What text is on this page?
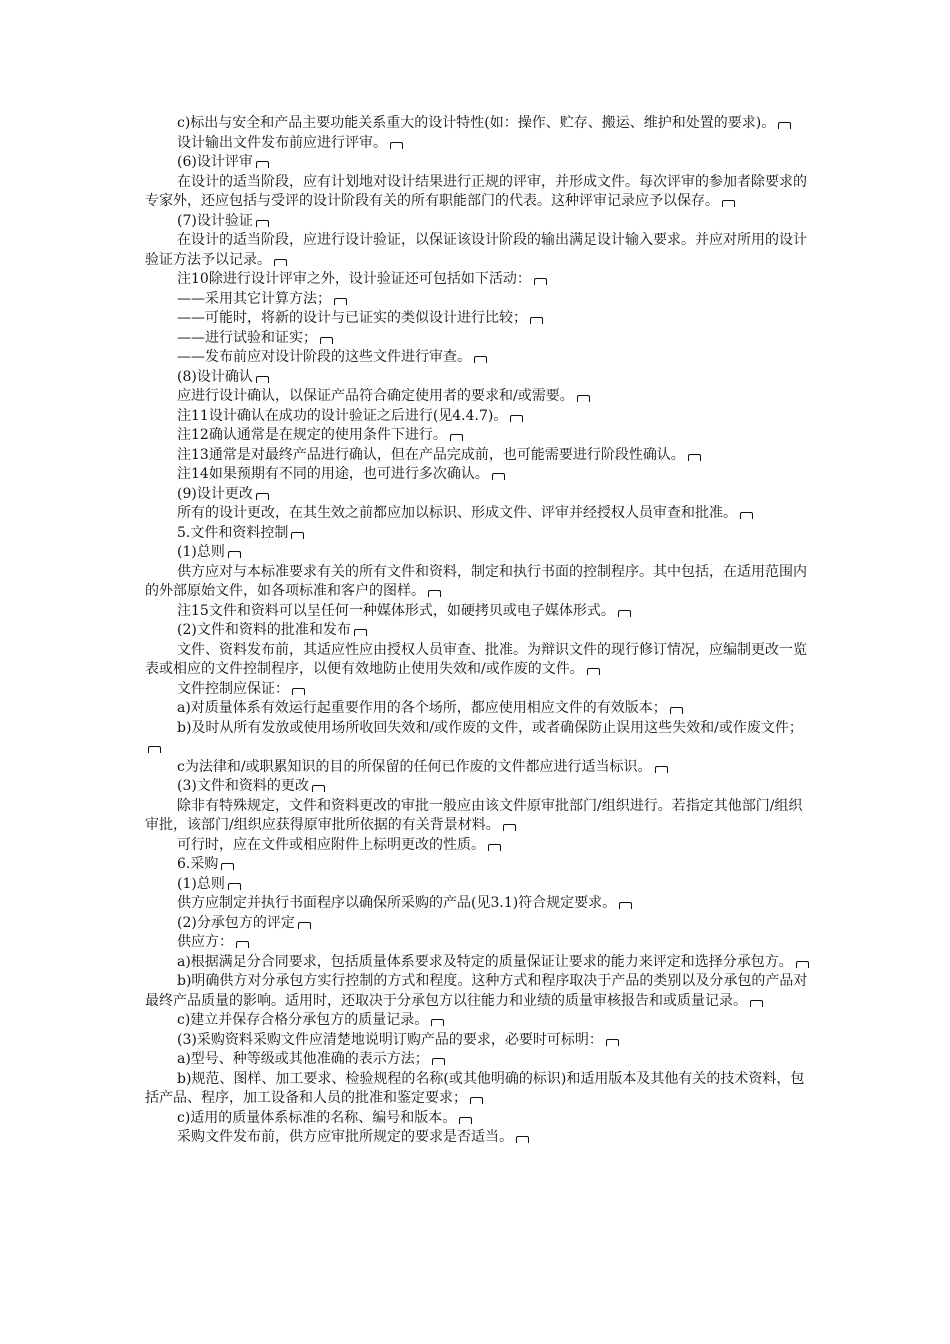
c)标出与安全和产品主要功能关系重大的设计特性(如：操作、贮存、搬运、维护和处置的要求)。

设计输出文件发布前应进行评审。

(6)设计评审

在设计的适当阶段，应有计划地对设计结果进行正规的评审，并形成文件。每次评审的参加者除要求的专家外，还应包括与受评的设计阶段有关的所有职能部门的代表。这种评审记录应予以保存。

(7)设计验证

在设计的适当阶段，应进行设计验证，以保证该设计阶段的输出满足设计输入要求。并应对所用的设计验证方法予以记录。

注10除进行设计评审之外，设计验证还可包括如下活动：

——采用其它计算方法；

——可能时，将新的设计与已证实的类似设计进行比较；

——进行试验和证实；

——发布前应对设计阶段的这些文件进行审查。

(8)设计确认

应进行设计确认，以保证产品符合确定使用者的要求和/或需要。

注11设计确认在成功的设计验证之后进行(见4.4.7)。

注12确认通常是在规定的使用条件下进行。

注13通常是对最终产品进行确认，但在产品完成前，也可能需要进行阶段性确认。

注14如果预期有不同的用途，也可进行多次确认。

(9)设计更改

所有的设计更改，在其生效之前都应加以标识、形成文件、评审并经授权人员审查和批准。

5.文件和资料控制

(1)总则

供方应对与本标准要求有关的所有文件和资料，制定和执行书面的控制程序。其中包括，在适用范围内的外部原始文件，如各项标准和客户的图样。

注15文件和资料可以呈任何一种媒体形式，如硬拷贝或电子媒体形式。

(2)文件和资料的批准和发布

文件、资料发布前，其适应性应由授权人员审查、批准。为辩识文件的现行修订情况，应编制更改一览表或相应的文件控制程序，以便有效地防止使用失效和/或作废的文件。

文件控制应保证：

a)对质量体系有效运行起重要作用的各个场所，都应使用相应文件的有效版本；

b)及时从所有发放或使用场所收回失效和/或作废的文件，或者确保防止误用这些失效和/或作废文件；

c为法律和/或职累知识的目的所保留的任何已作废的文件都应进行适当标识。

(3)文件和资料的更改

除非有特殊规定，文件和资料更改的审批一般应由该文件原审批部门/组织进行。若指定其他部门/组织审批，该部门/组织应获得原审批所依据的有关背景材料。

可行时，应在文件或相应附件上标明更改的性质。

6.采购

(1)总则

供方应制定并执行书面程序以确保所采购的产品(见3.1)符合规定要求。

(2)分承包方的评定

供应方：

a)根据满足分合同要求，包括质量体系要求及特定的质量保证让要求的能力来评定和选择分承包方。

b)明确供方对分承包方实行控制的方式和程度。这种方式和程序取决于产品的类别以及分承包的产品对最终产品质量的影响。适用时，还取决于分承包方以往能力和业绩的质量审核报告和或质量记录。

c)建立并保存合格分承包方的质量记录。

(3)采购资料采购文件应清楚地说明订购产品的要求，必要时可标明：

a)型号、种等级或其他准确的表示方法；

b)规范、图样、加工要求、检验规程的名称(或其他明确的标识)和适用版本及其他有关的技术资料，包括产品、程序，加工设备和人员的批准和鉴定要求；

c)适用的质量体系标准的名称、编号和版本。

采购文件发布前，供方应审批所规定的要求是否适当。
